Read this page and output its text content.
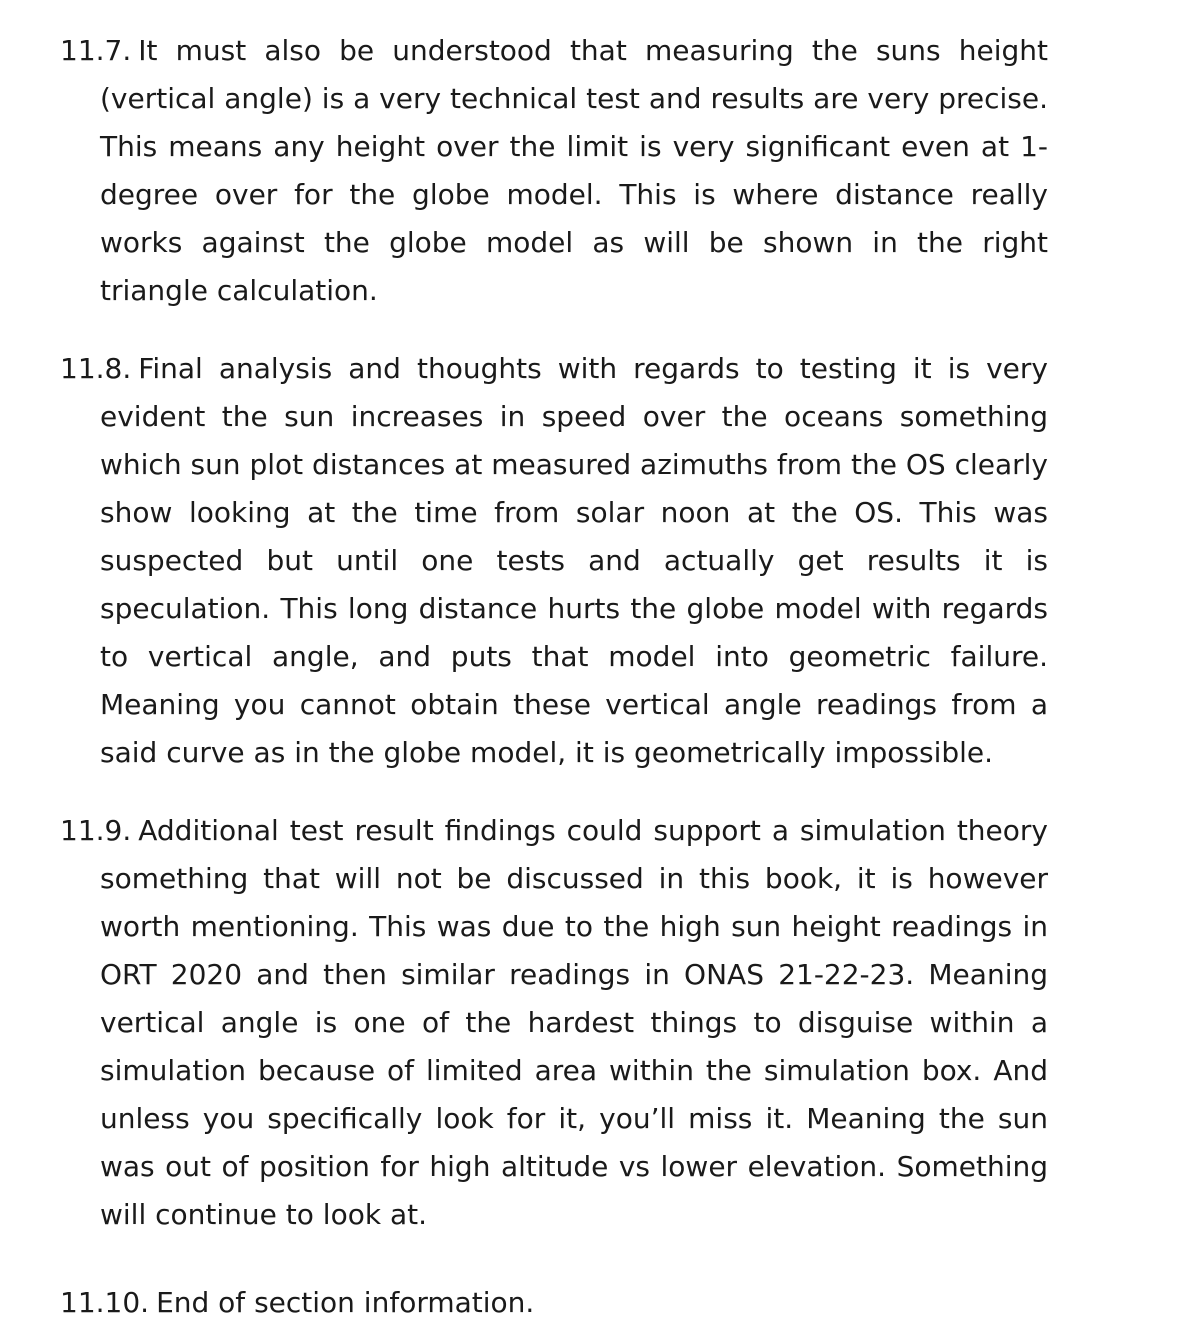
11.7. It must also be understood that measuring the suns height (vertical angle) is a very technical test and results are very precise. This means any height over the limit is very significant even at 1-degree over for the globe model. This is where distance really works against the globe model as will be shown in the right triangle calculation.

11.8. Final analysis and thoughts with regards to testing it is very evident the sun increases in speed over the oceans something which sun plot distances at measured azimuths from the OS clearly show looking at the time from solar noon at the OS. This was suspected but until one tests and actually get results it is speculation. This long distance hurts the globe model with regards to vertical angle, and puts that model into geometric failure. Meaning you cannot obtain these vertical angle readings from a said curve as in the globe model, it is geometrically impossible.

11.9. Additional test result findings could support a simulation theory something that will not be discussed in this book, it is however worth mentioning. This was due to the high sun height readings in ORT 2020 and then similar readings in ONAS 21-22-23. Meaning vertical angle is one of the hardest things to disguise within a simulation because of limited area within the simulation box. And unless you specifically look for it, you’ll miss it. Meaning the sun was out of position for high altitude vs lower elevation. Something will continue to look at.

11.10. End of section information.
